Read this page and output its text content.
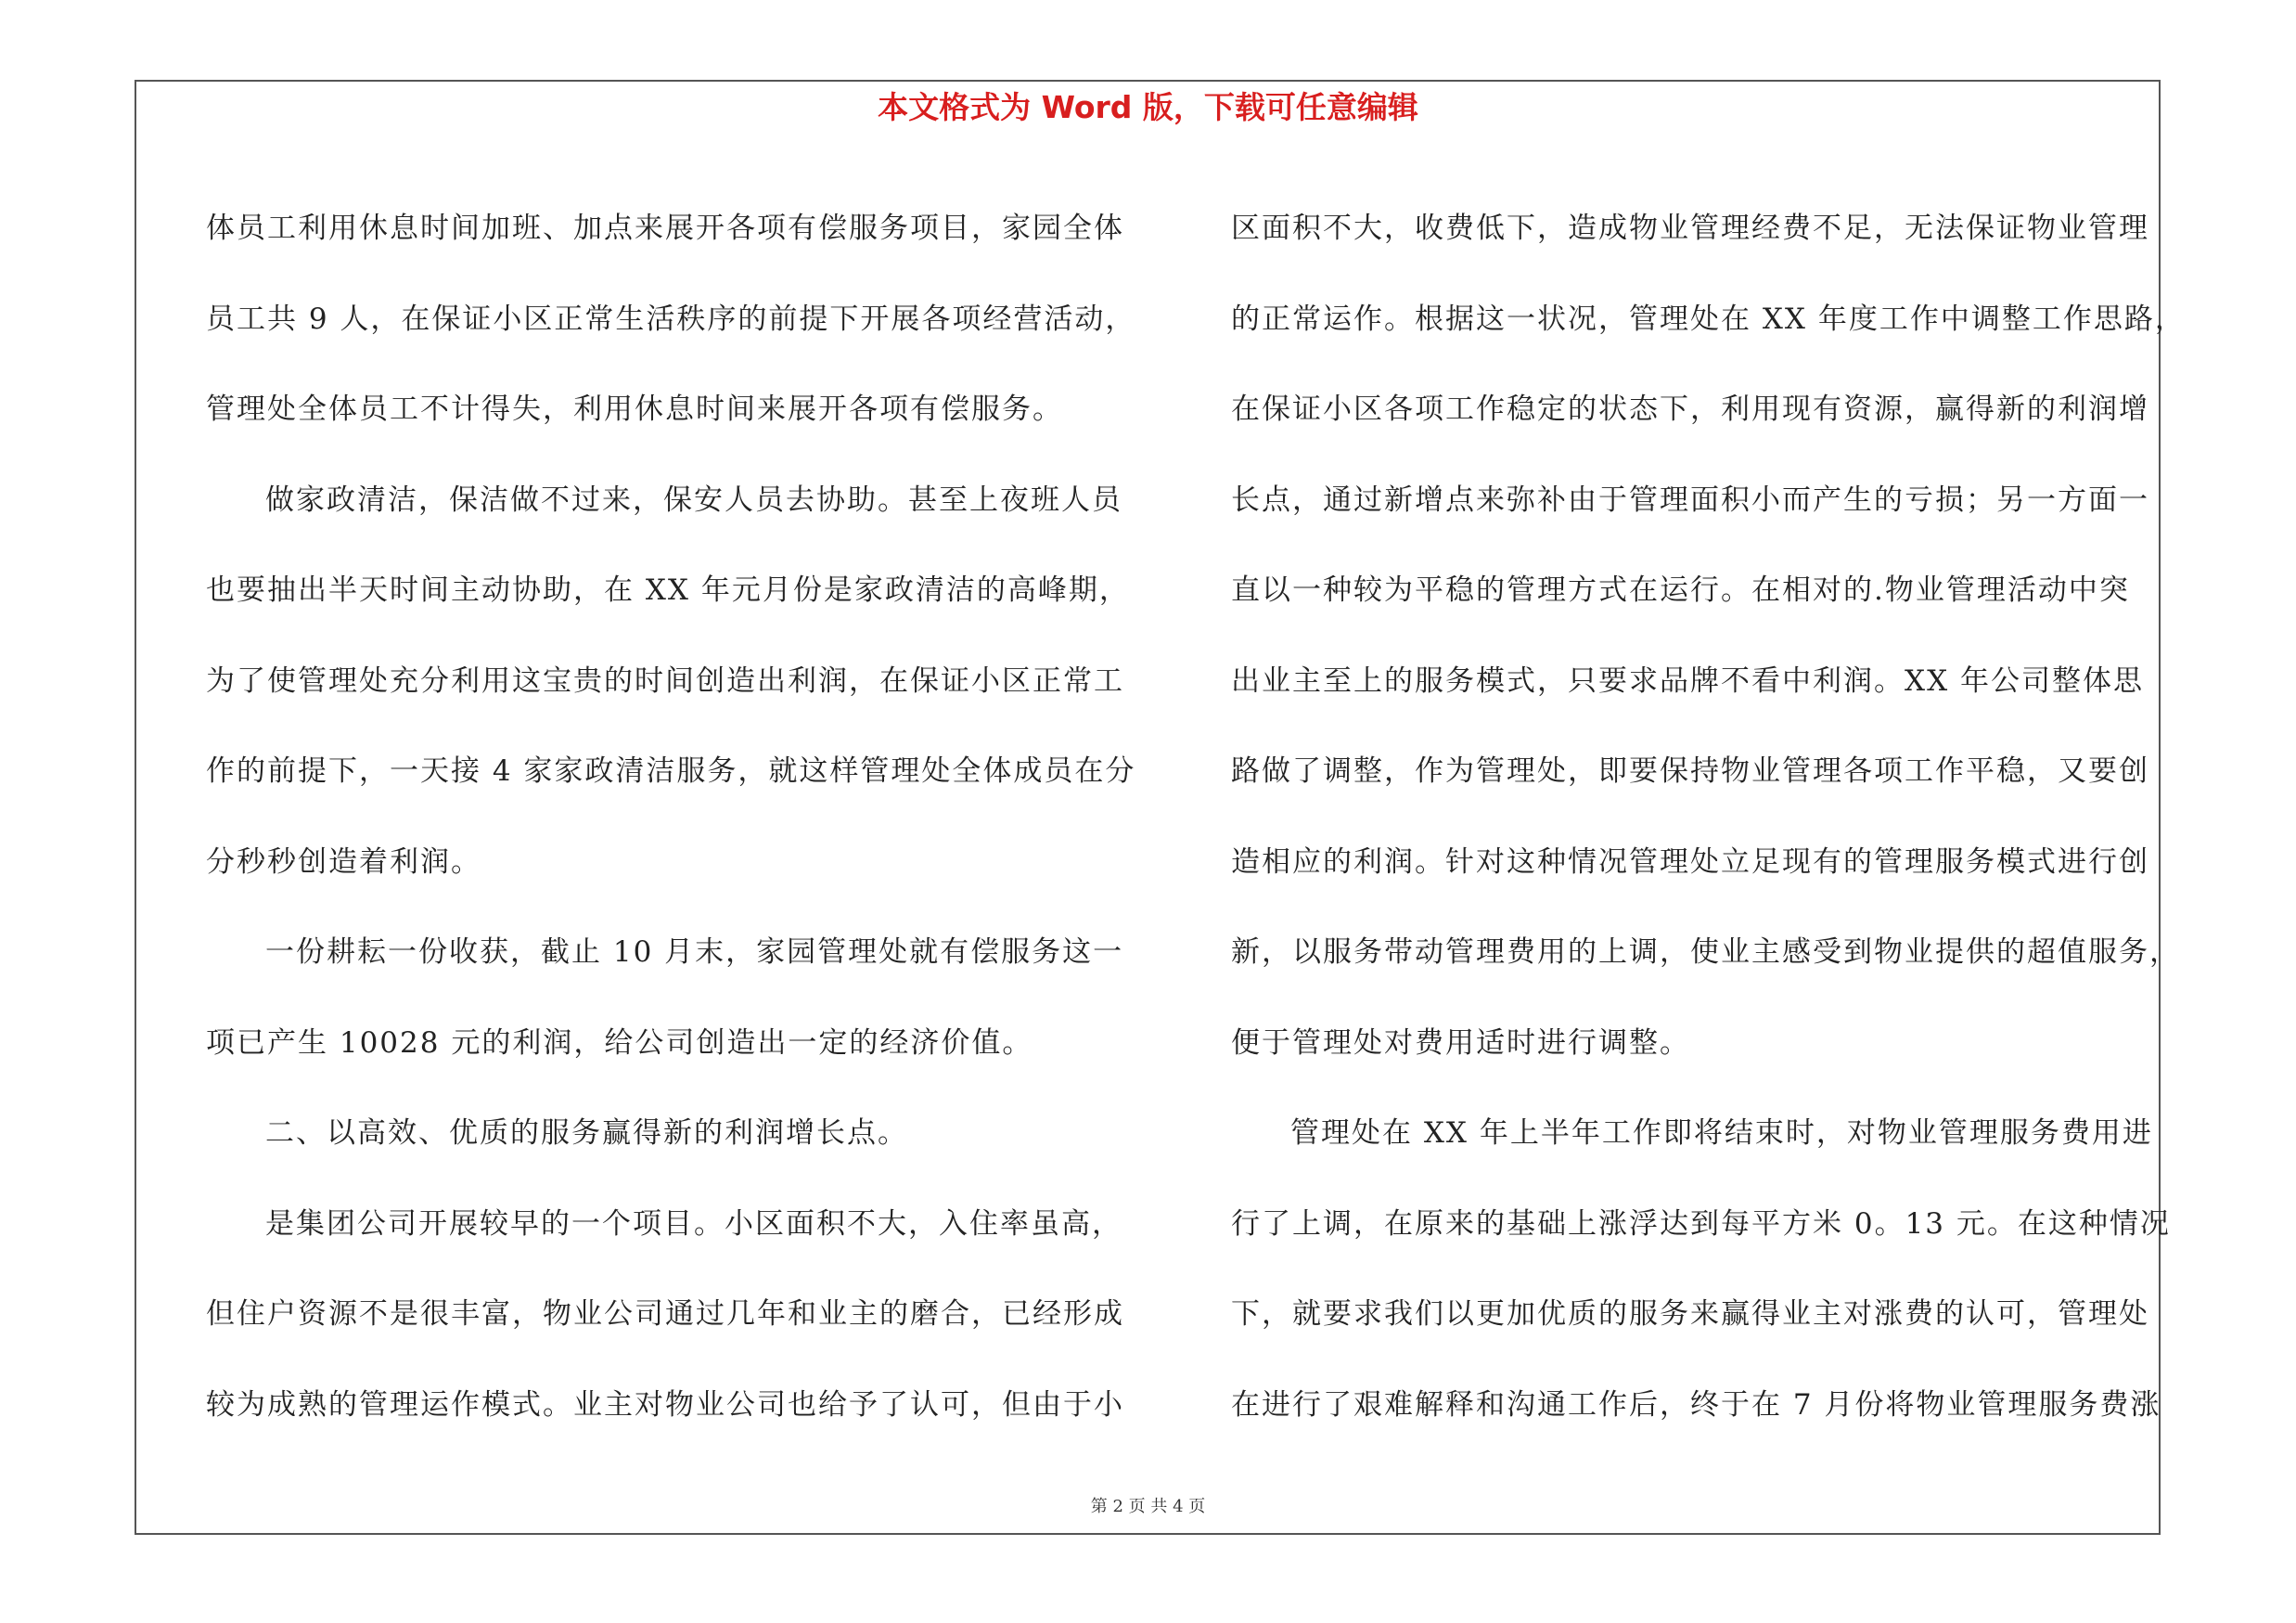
本文格式为 Word 版，下载可任意编辑
体员工利用休息时间加班、加点来展开各项有偿服务项目，家园全体
员工共 9 人，在保证小区正常生活秩序的前提下开展各项经营活动，
管理处全体员工不计得失，利用休息时间来展开各项有偿服务。
做家政清洁，保洁做不过来，保安人员去协助。甚至上夜班人员
也要抽出半天时间主动协助，在 XX 年元月份是家政清洁的高峰期，
为了使管理处充分利用这宝贵的时间创造出利润，在保证小区正常工
作的前提下，一天接 4 家家政清洁服务，就这样管理处全体成员在分
分秒秒创造着利润。
一份耕耘一份收获，截止 10 月末，家园管理处就有偿服务这一
项已产生 10028 元的利润，给公司创造出一定的经济价值。
二、以高效、优质的服务赢得新的利润增长点。
是集团公司开展较早的一个项目。小区面积不大，入住率虽高，
但住户资源不是很丰富，物业公司通过几年和业主的磨合，已经形成
较为成熟的管理运作模式。业主对物业公司也给予了认可，但由于小
区面积不大，收费低下，造成物业管理经费不足，无法保证物业管理
的正常运作。根据这一状况，管理处在 XX 年度工作中调整工作思路，
在保证小区各项工作稳定的状态下，利用现有资源，赢得新的利润增
长点，通过新增点来弥补由于管理面积小而产生的亏损；另一方面一
直以一种较为平稳的管理方式在运行。在相对的.物业管理活动中突
出业主至上的服务模式，只要求品牌不看中利润。XX 年公司整体思
路做了调整，作为管理处，即要保持物业管理各项工作平稳，又要创
造相应的利润。针对这种情况管理处立足现有的管理服务模式进行创
新，以服务带动管理费用的上调，使业主感受到物业提供的超值服务，
便于管理处对费用适时进行调整。
管理处在 XX 年上半年工作即将结束时，对物业管理服务费用进
行了上调，在原来的基础上涨浮达到每平方米 0。13 元。在这种情况
下，就要求我们以更加优质的服务来赢得业主对涨费的认可，管理处
在进行了艰难解释和沟通工作后，终于在 7 月份将物业管理服务费涨
第 2 页 共 4 页
